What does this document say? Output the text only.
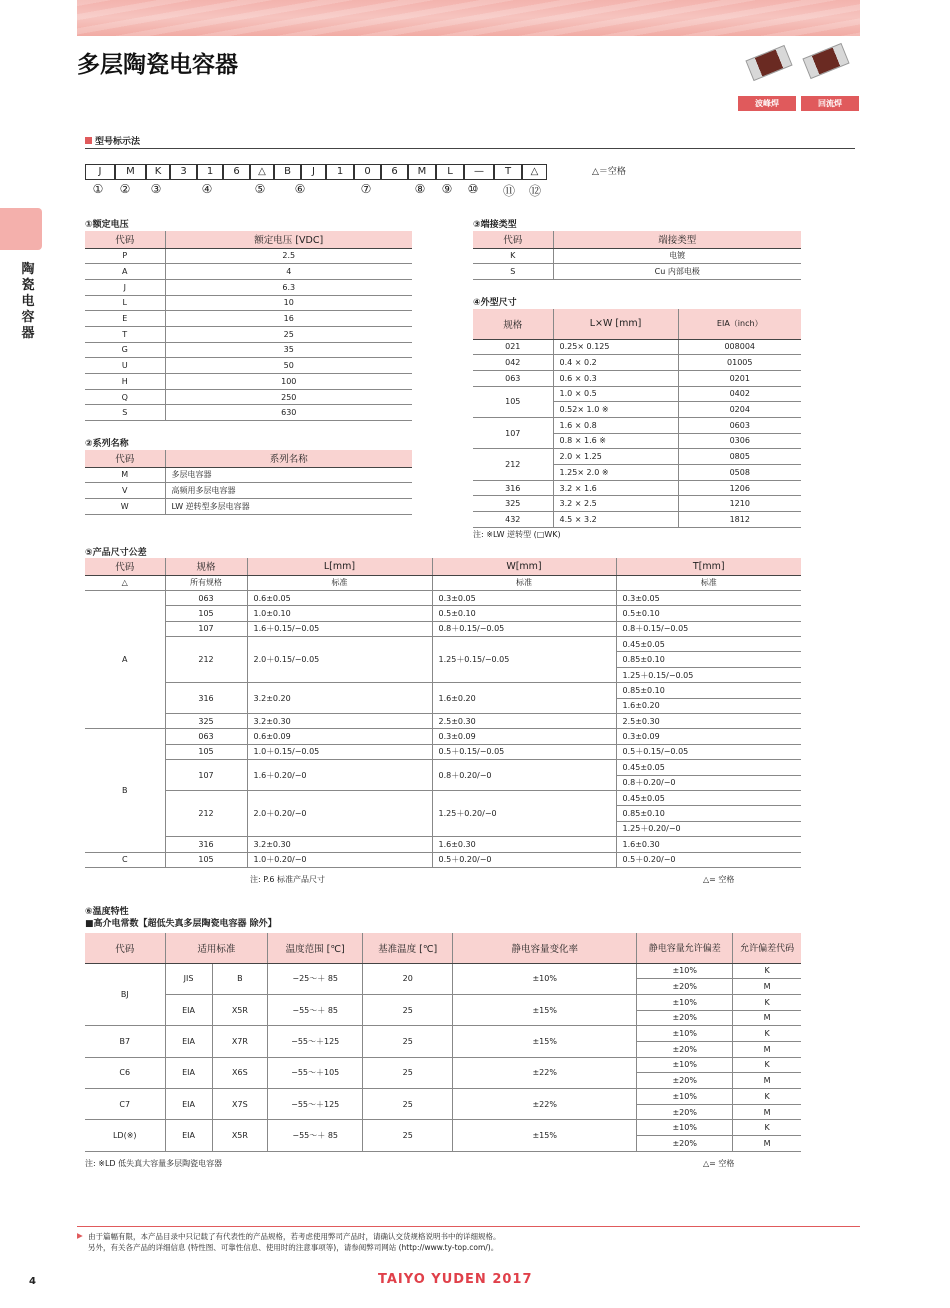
多层陶瓷电容器
波峰焊	回流焊
陶瓷电容器
型号标示法
J	M	K	3	1	6	△	B	J	1	0	6	M	L	—	T	△
①	②	③	④	⑤	⑥	⑦	⑧	⑨	⑩	⑪	⑫
△＝空格
①额定电压
代码	额定电压 [VDC]
P	2.5
A	4
J	6.3
L	10
E	16
T	25
G	35
U	50
H	100
Q	250
S	630
②系列名称
代码	系列名称
M	多层电容器
V	高频用多层电容器
W	LW 逆转型多层电容器
③端接类型
代码	端接类型
K	电镀
S	Cu 内部电极
④外型尺寸
规格	L×W [mm]	EIA（inch）
021	0.25× 0.125	008004
042	0.4 × 0.2	01005
063	0.6 × 0.3	0201
105	1.0 × 0.5	0402
	0.52× 1.0 ※	0204
107	1.6 × 0.8	0603
	0.8 × 1.6 ※	0306
212	2.0 × 1.25	0805
	1.25× 2.0 ※	0508
316	3.2 × 1.6	1206
325	3.2 × 2.5	1210
432	4.5 × 3.2	1812
注: ※LW 逆转型 (□WK)
⑤产品尺寸公差
代码	规格	L[mm]	W[mm]	T[mm]
△	所有规格	标准	标准	标准
A	063	0.6±0.05	0.3±0.05	0.3±0.05
	105	1.0±0.10	0.5±0.10	0.5±0.10
	107	1.6＋0.15/−0.05	0.8＋0.15/−0.05	0.8＋0.15/−0.05
	212	2.0＋0.15/−0.05	1.25＋0.15/−0.05	0.45±0.05
				0.85±0.10
				1.25＋0.15/−0.05
	316	3.2±0.20	1.6±0.20	0.85±0.10
				1.6±0.20
	325	3.2±0.30	2.5±0.30	2.5±0.30
B	063	0.6±0.09	0.3±0.09	0.3±0.09
	105	1.0＋0.15/−0.05	0.5＋0.15/−0.05	0.5＋0.15/−0.05
	107	1.6＋0.20/−0	0.8＋0.20/−0	0.45±0.05
				0.8＋0.20/−0
	212	2.0＋0.20/−0	1.25＋0.20/−0	0.45±0.05
				0.85±0.10
				1.25＋0.20/−0
	316	3.2±0.30	1.6±0.30	1.6±0.30
C	105	1.0＋0.20/−0	0.5＋0.20/−0	0.5＋0.20/−0
注: P.6 标准产品尺寸	△= 空格
⑥温度特性
■高介电常数【超低失真多层陶瓷电容器 除外】
代码	适用标准		温度范围 [℃]	基准温度 [℃]	静电容量变化率	静电容量允许偏差	允许偏差代码
BJ	JIS	B	−25～＋ 85	20	±10%	±10%	K
						±20%	M
	EIA	X5R	−55～＋ 85	25	±15%	±10%	K
						±20%	M
B7	EIA	X7R	−55～＋125	25	±15%	±10%	K
						±20%	M
C6	EIA	X6S	−55～＋105	25	±22%	±10%	K
						±20%	M
C7	EIA	X7S	−55～＋125	25	±22%	±10%	K
						±20%	M
LD(※)	EIA	X5R	−55～＋ 85	25	±15%	±10%	K
						±20%	M
注: ※LD 低失真大容量多层陶瓷电容器	△= 空格
▶ 由于篇幅有限，本产品目录中只记载了有代表性的产品规格，若考虑使用弊司产品时，请确认交货规格说明书中的详细规格。
另外，有关各产品的详细信息 (特性图、可靠性信息、使用时的注意事项等)，请参阅弊司网站 (http://www.ty-top.com/)。
4	TAIYO YUDEN 2017
